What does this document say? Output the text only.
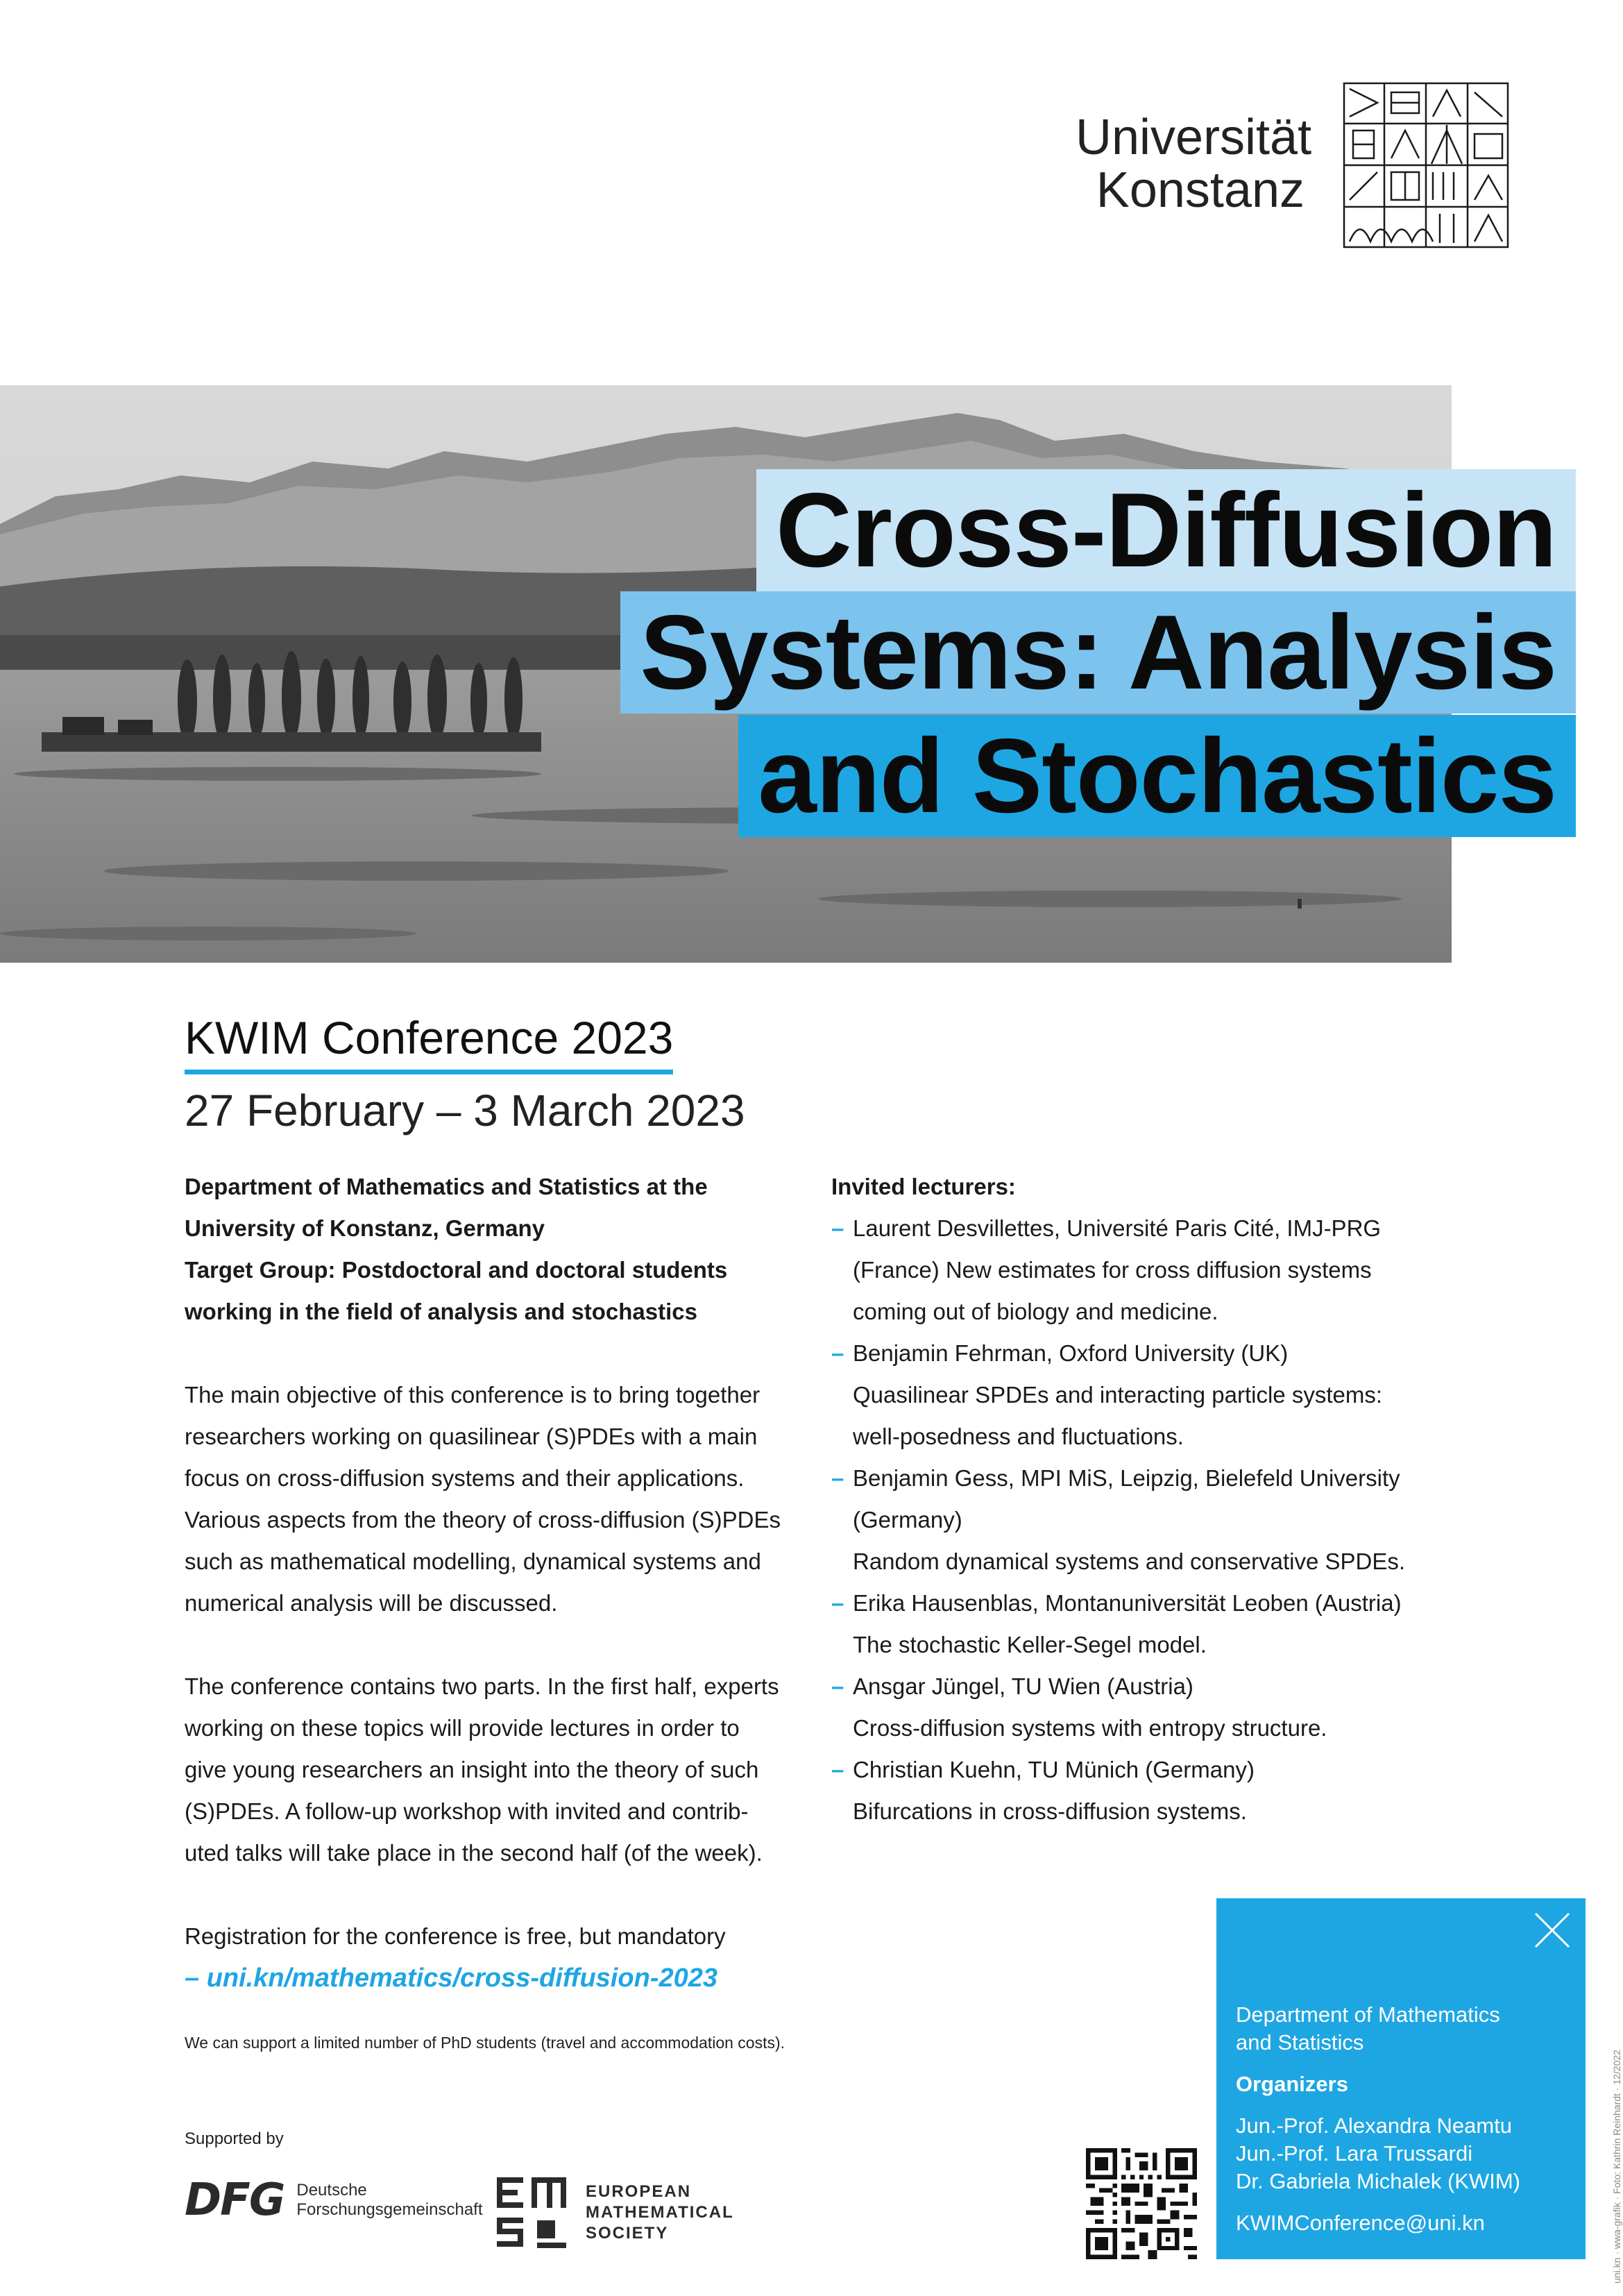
Universität
Konstanz
Cross-Diffusion
Systems: Analysis
and Stochastics
KWIM Conference 2023
27 February – 3 March 2023

Department of Mathematics and Statistics at the

University of Konstanz, Germany

Target Group: Postdoctoral and doctoral students

working in the field of analysis and stochastics

The main objective of this conference is to bring together

researchers working on quasilinear (S)PDEs with a main

focus on cross-diffusion systems and their applications.

Various aspects from the theory of cross-diffusion (S)PDEs

such as mathematical modelling, dynamical systems and

numerical analysis will be discussed.

The conference contains two parts. In the first half, experts

working on these topics will provide lectures in order to

give young researchers an insight into the theory of such

(S)PDEs. A follow-up workshop with invited and contrib-

uted talks will take place in the second half (of the week).

Registration for the conference is free, but mandatory

– uni.kn/mathematics/cross-diffusion-2023

We can support a limited number of PhD students (travel and accommodation costs).
Supported by
Invited lecturers:
– Laurent Desvillettes, Université Paris Cité, IMJ-PRG
(France) New estimates for cross diffusion systems
coming out of biology and medicine.
– Benjamin Fehrman, Oxford University (UK)
Quasilinear SPDEs and interacting particle systems:
well-posedness and fluctuations.
– Benjamin Gess, MPI MiS, Leipzig, Bielefeld University
(Germany)
Random dynamical systems and conservative SPDEs.
– Erika Hausenblas, Montanuniversität Leoben (Austria)
The stochastic Keller-Segel model.
– Ansgar Jüngel, TU Wien (Austria)
Cross-diffusion systems with entropy structure.
– Christian Kuehn, TU Münich (Germany)
Bifurcations in cross-diffusion systems.
DFG Deutsche
Forschungsgemeinschaft
EUROPEAN
MATHEMATICAL
SOCIETY
Department of Mathematics
and Statistics
Organizers
Jun.-Prof. Alexandra Neamtu
Jun.-Prof. Lara Trussardi
Dr. Gabriela Michalek (KWIM)
KWIMConference@uni.kn	uni.kn · wwa-grafik · Foto: Kathrin Reinhardt · 12/2022
